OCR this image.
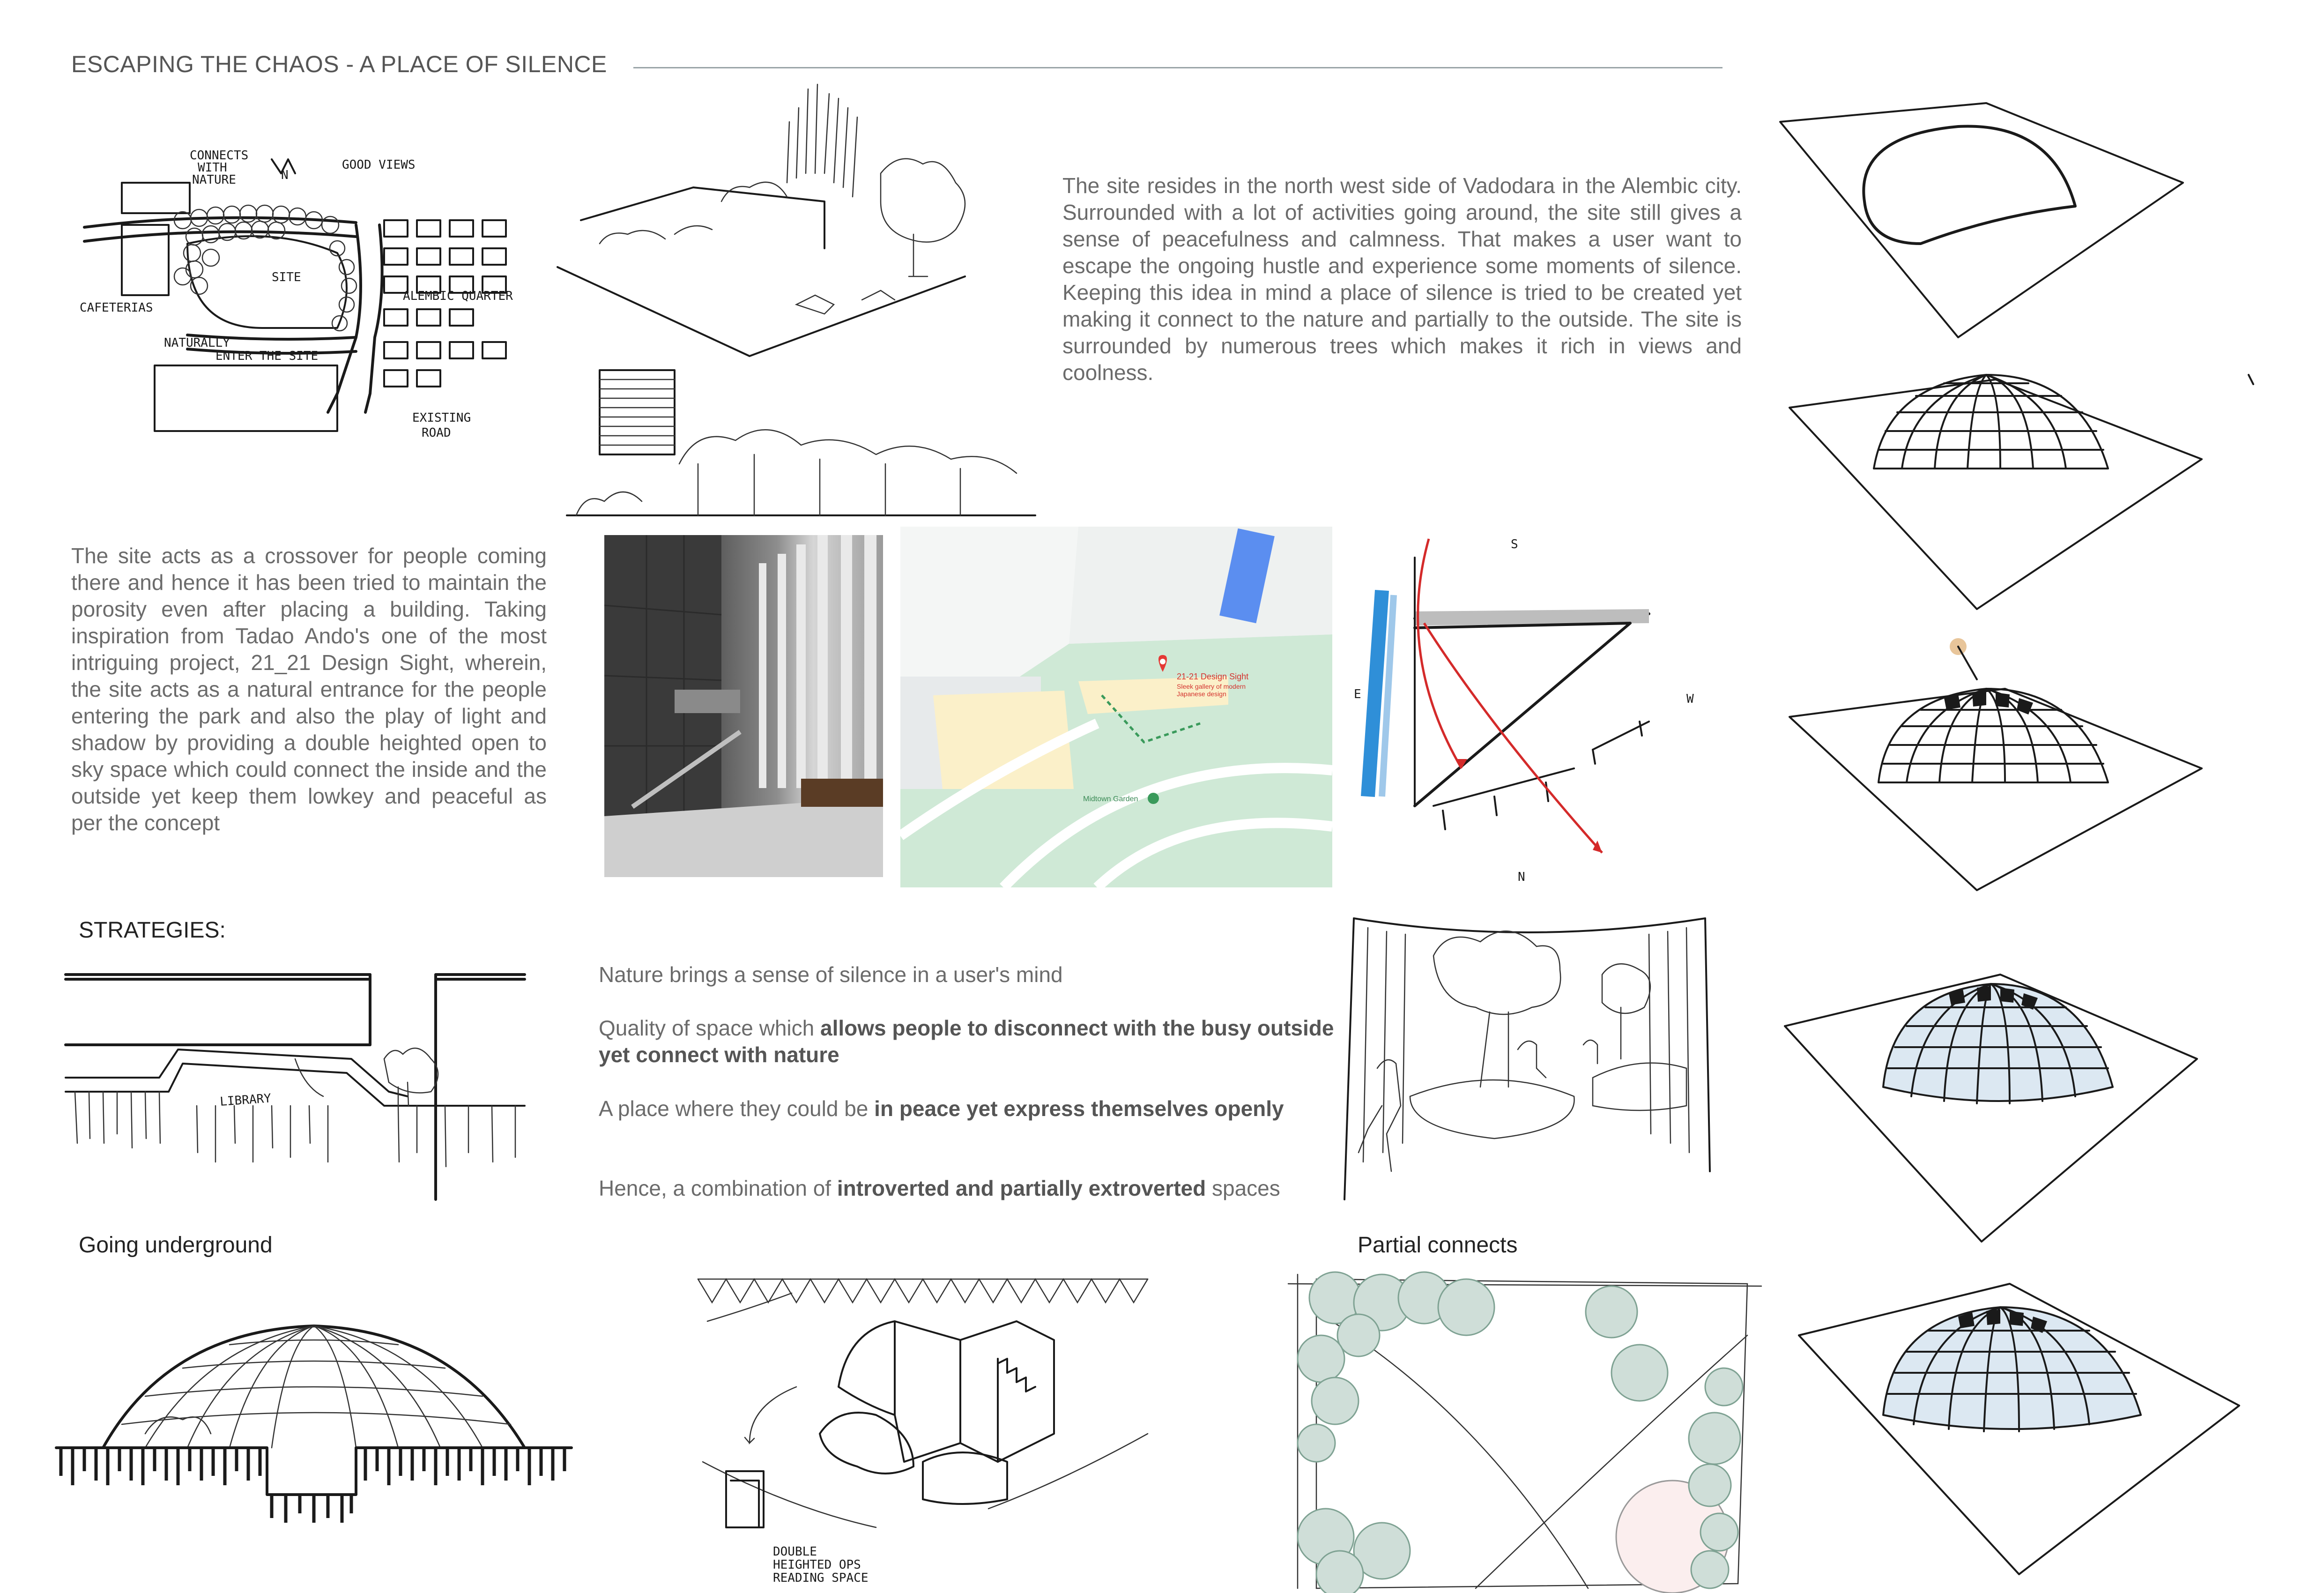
ESCAPING THE CHAOS - A PLACE OF SILENCE
CONNECTS
WITH
NATURE	N
GOOD VIEWS
SITE
CAFETERIAS
ALEMBIC QUARTER
NATURALLY
ENTER THE SITE
EXISTING
ROAD
The site resides in the north west side of Vadodara in the Alembic city. Surrounded with a lot of activities going around, the site still gives a sense of peacefulness and calmness. That makes a user want to escape the ongoing hustle and experience some moments of silence. Keeping this idea in mind a place of silence is tried to be created yet making it connect to the nature and partially to the outside. The site is surrounded by numerous trees which makes it rich in views and coolness.
The site acts as a crossover for people coming there and hence it has been tried to maintain the porosity even after placing a building. Taking inspiration from Tadao Ando's one of the most intriguing project, 21_21 Design Sight, wherein, the site acts as a natural entrance for the people entering the park and also the play of light and shadow by providing a double heighted open to sky space which could connect the inside and the outside yet keep them lowkey and peaceful as per the concept
21-21 Design Sight
Sleek gallery of modern
Japanese design
Midtown Garden
S
E	W
N
STRATEGIES:
LIBRARY
Nature brings a sense of silence in a user's mind
Quality of space which allows people to disconnect with the busy outside yet connect with nature
A place where they could be in peace yet express themselves openly
Hence, a combination of introverted and partially extroverted spaces
Going underground	Partial connects
DOUBLE
HEIGHTED OPS
READING SPACE
